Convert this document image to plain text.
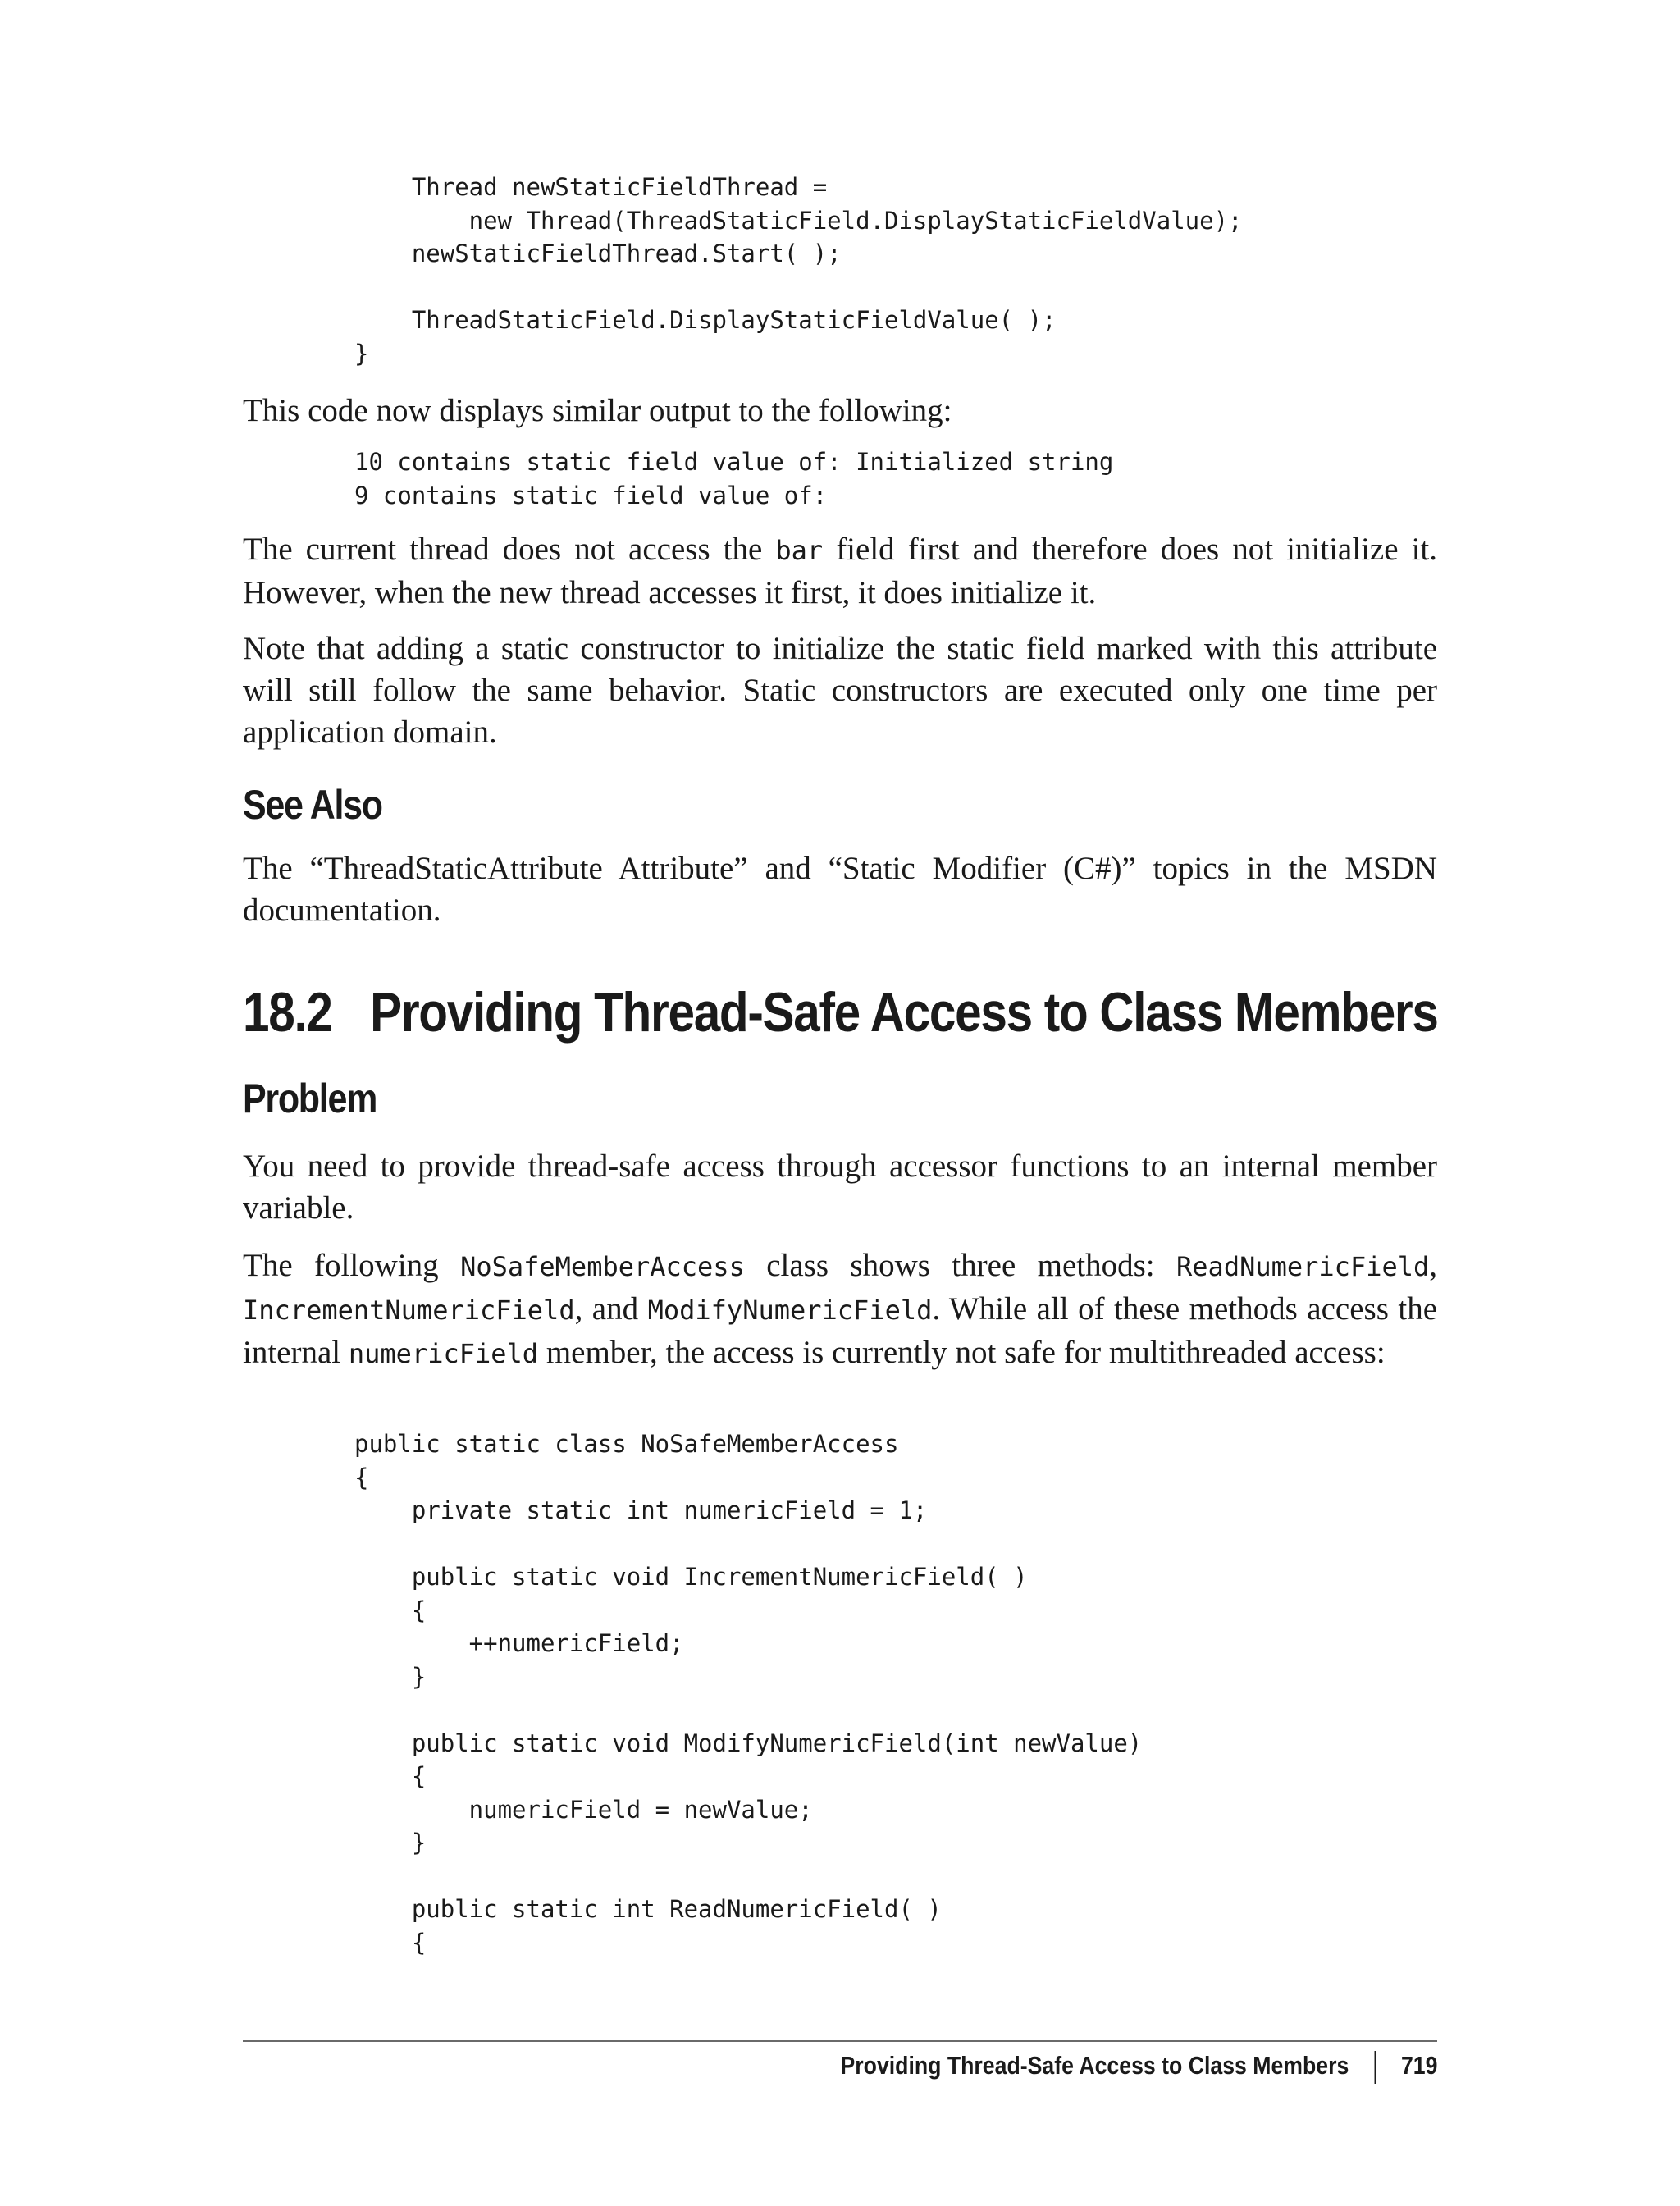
Thread newStaticFieldThread =
new Thread(ThreadStaticField.DisplayStaticFieldValue);
newStaticFieldThread.Start( );

ThreadStaticField.DisplayStaticFieldValue( );
}

This code now displays similar output to the following:

10 contains static field value of: Initialized string
9 contains static field value of:

The current thread does not access the bar field first and therefore does not initialize it. However, when the new thread accesses it first, it does initialize it.

Note that adding a static constructor to initialize the static field marked with this attribute will still follow the same behavior. Static constructors are executed only one time per application domain.

See Also

The “ThreadStaticAttribute Attribute” and “Static Modifier (C#)” topics in the MSDN documentation.

18.2 Providing Thread-Safe Access to Class Members
Problem

You need to provide thread-safe access through accessor functions to an internal member variable.

The following NoSafeMemberAccess class shows three methods: ReadNumericField, IncrementNumericField, and ModifyNumericField. While all of these methods access the internal numericField member, the access is currently not safe for multithreaded access:

public static class NoSafeMemberAccess
{
private static int numericField = 1;

public static void IncrementNumericField( )
{
++numericField;
}

public static void ModifyNumericField(int newValue)
{
numericField = newValue;
}

public static int ReadNumericField( )
{
Providing Thread-Safe Access to Class Members 719
